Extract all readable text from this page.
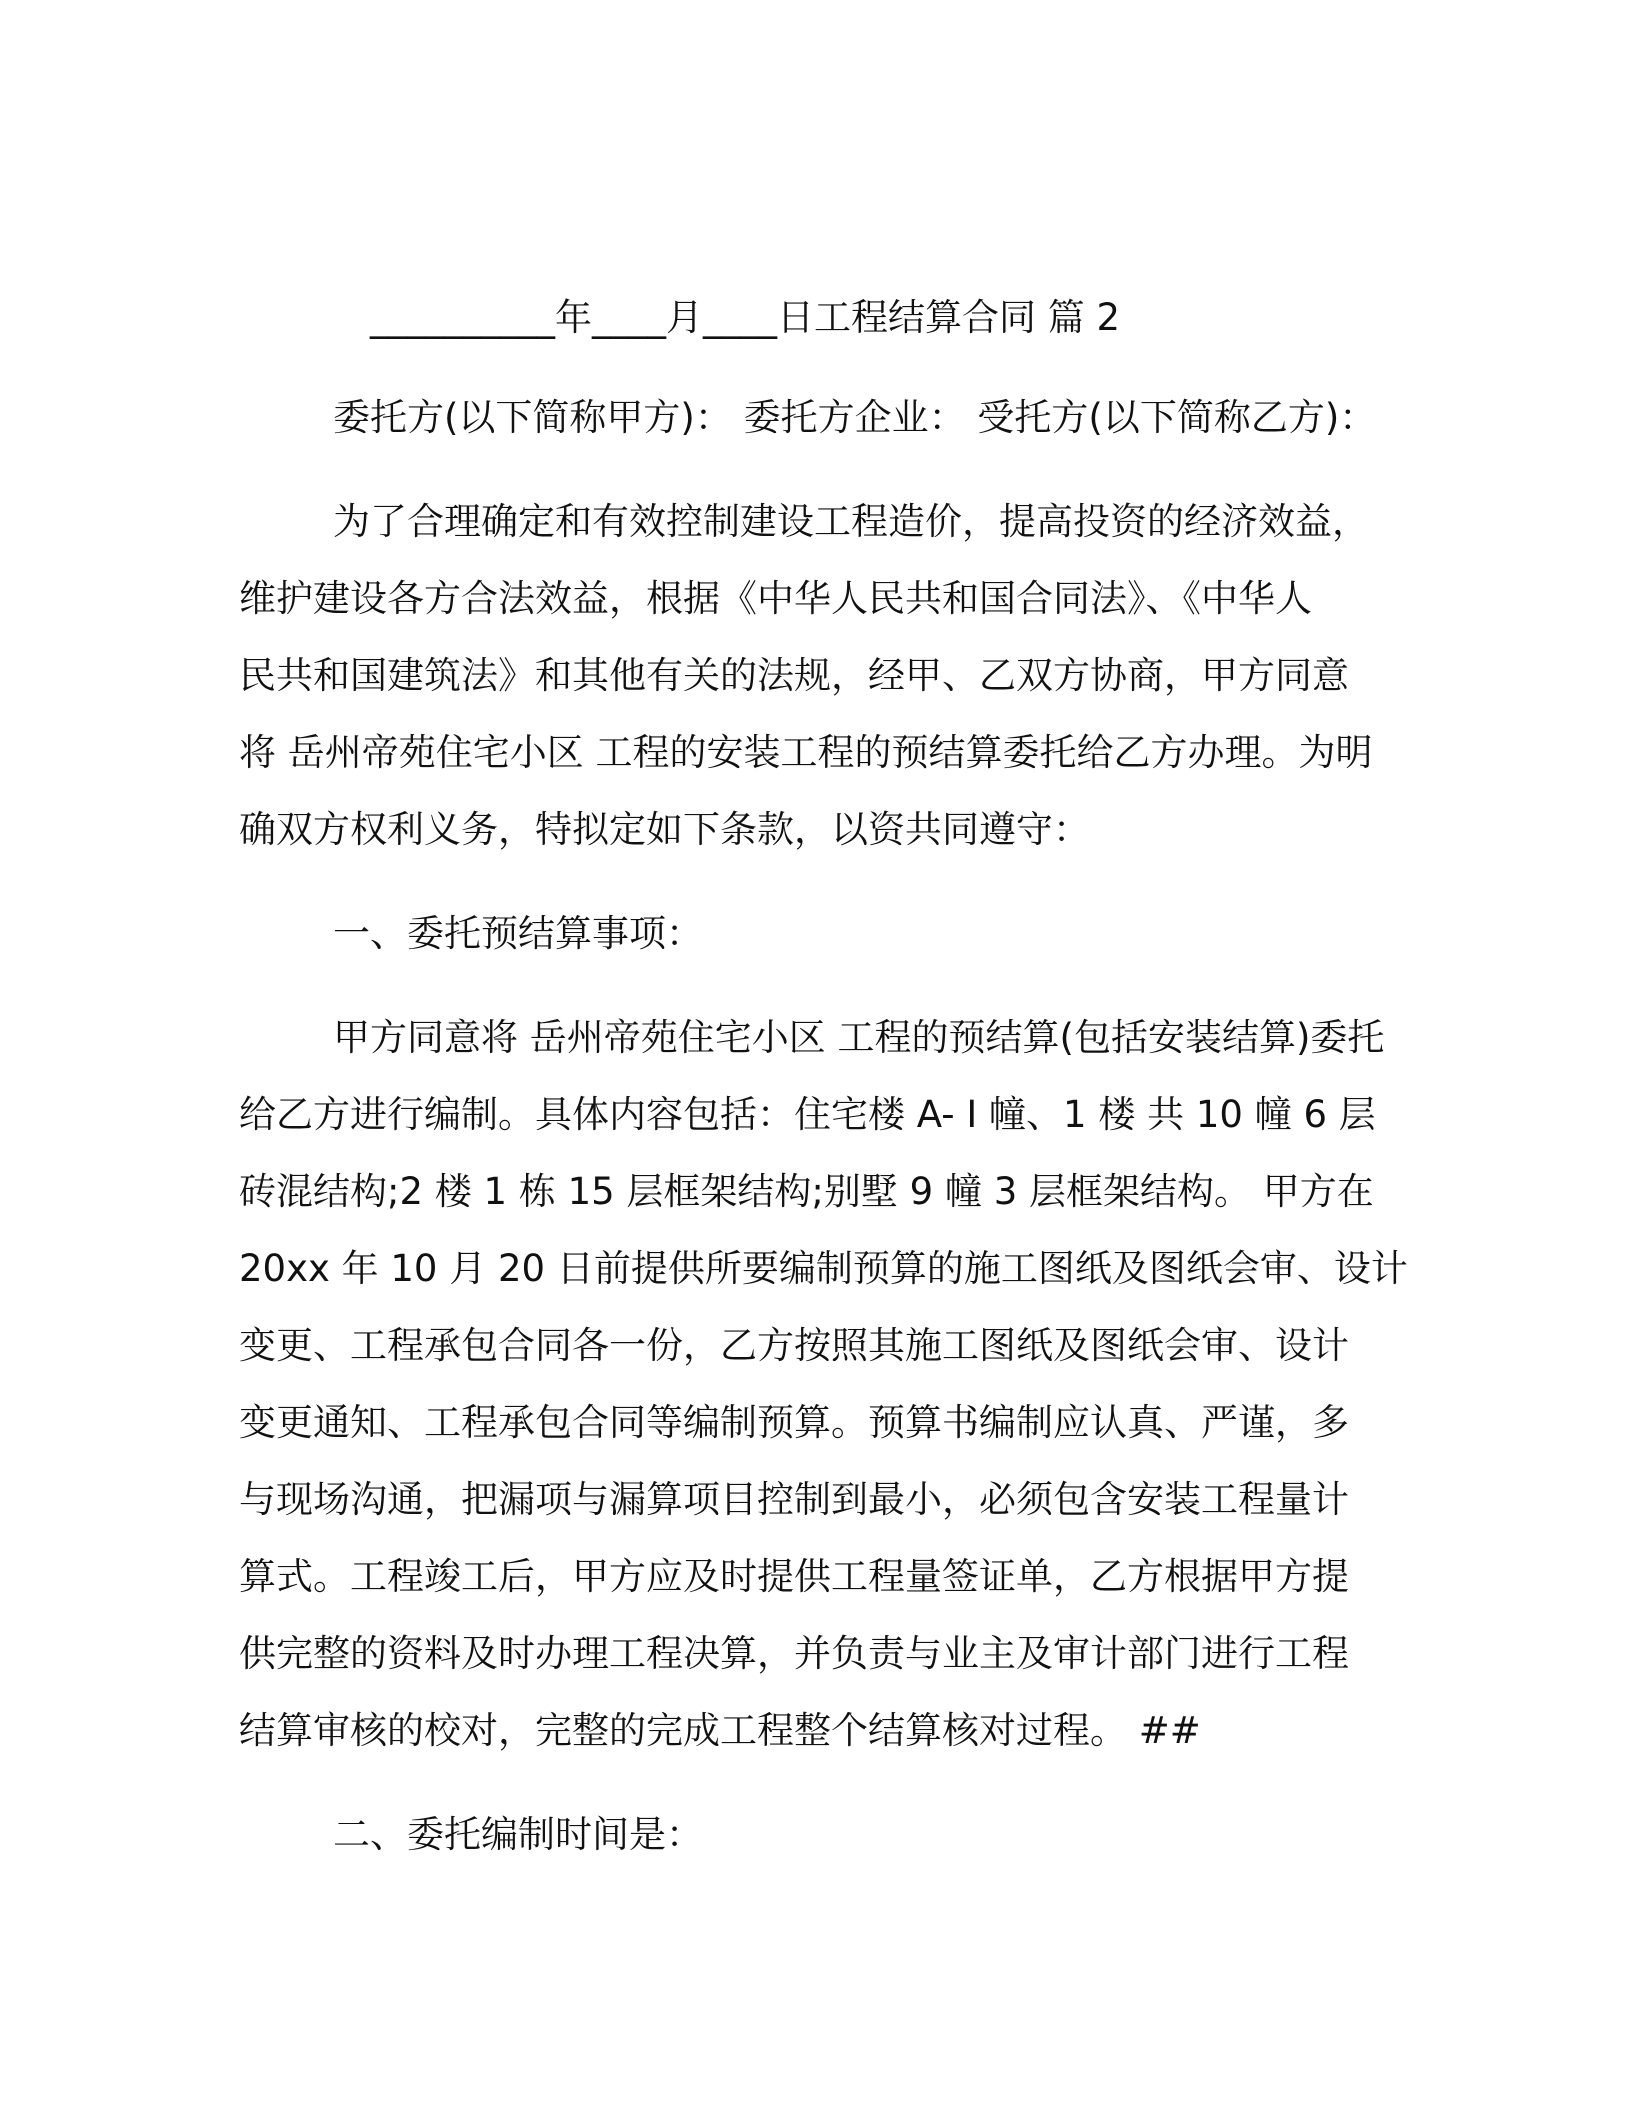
__________年____月____日工程结算合同 篇 2
委托方(以下简称甲方)： 委托方企业： 受托方(以下简称乙方)：
为了合理确定和有效控制建设工程造价，提高投资的经济效益，
维护建设各方合法效益，根据《中华人民共和国合同法》、《中华人
民共和国建筑法》和其他有关的法规，经甲、乙双方协商，甲方同意
将 岳州帝苑住宅小区 工程的安装工程的预结算委托给乙方办理。为明
确双方权利义务，特拟定如下条款，以资共同遵守：
一、委托预结算事项：
甲方同意将 岳州帝苑住宅小区 工程的预结算(包括安装结算)委托
给乙方进行编制。具体内容包括：住宅楼 A- I 幢、1 楼 共 10 幢 6 层
砖混结构;2 楼 1 栋 15 层框架结构;别墅 9 幢 3 层框架结构。 甲方在
20xx 年 10 月 20 日前提供所要编制预算的施工图纸及图纸会审、设计
变更、工程承包合同各一份，乙方按照其施工图纸及图纸会审、设计
变更通知、工程承包合同等编制预算。预算书编制应认真、严谨，多
与现场沟通，把漏项与漏算项目控制到最小，必须包含安装工程量计
算式。工程竣工后，甲方应及时提供工程量签证单，乙方根据甲方提
供完整的资料及时办理工程决算，并负责与业主及审计部门进行工程
结算审核的校对，完整的完成工程整个结算核对过程。 ##
二、委托编制时间是：
